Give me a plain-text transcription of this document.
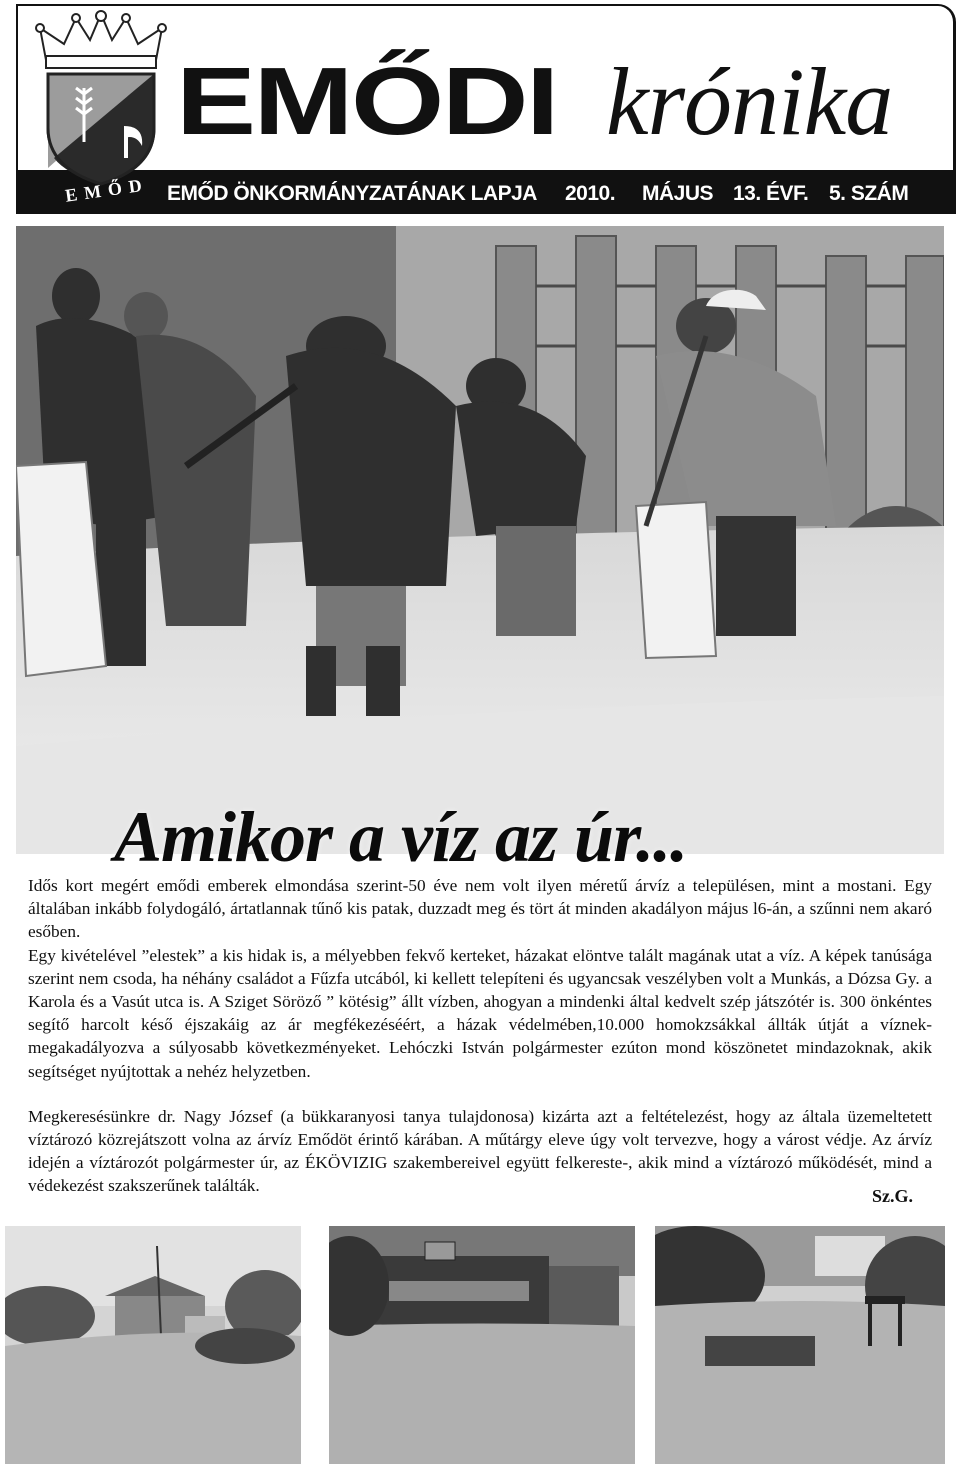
EMŐD
EMŐDI krónika
EMŐD ÖNKORMÁNYZATÁNAK LAPJA 2010. MÁJUS 13. ÉVF. 5. SZÁM
Amikor a víz az úr...

Idős kort megért emődi emberek elmondása szerint-50 éve nem volt ilyen méretű árvíz a településen, mint a mostani. Egy általában inkább folydogáló, ártatlannak tűnő kis patak, duzzadt meg és tört át minden akadályon május l6-án, a szűnni nem akaró esőben.

Egy kivételével ”elestek” a kis hidak is, a mélyebben fekvő kerteket, házakat elöntve talált magának utat a víz. A képek tanúsága szerint nem csoda, ha néhány családot a Fűzfa utcából, ki kellett telepíteni és ugyancsak veszélyben volt a Munkás, a Dózsa Gy. a Karola és a Vasút utca is. A Sziget Söröző ” kötésig” állt vízben, ahogyan a mindenki által kedvelt szép játszótér is. 300 önkéntes segítő harcolt késő éjszakáig az ár megfékezéséért, a házak védelmében,10.000 homokzsákkal állták útját a víznek- megakadályozva a súlyosabb következményeket. Lehóczki István polgármester ezúton mond köszönetet mindazoknak, akik segítséget nyújtottak a nehéz helyzetben.

Megkeresésünkre dr. Nagy József (a bükkaranyosi tanya tulajdonosa) kizárta azt a feltételezést, hogy az általa üzemeltetett víztározó közrejátszott volna az árvíz Emődöt érintő kárában. A műtárgy eleve úgy volt tervezve, hogy a várost védje. Az árvíz idején a víztározót polgármester úr, az ÉKÖVIZIG szakembereivel együtt felkereste-, akik mind a víztározó működését, mind a védekezést szakszerűnek találták.

Sz.G.
